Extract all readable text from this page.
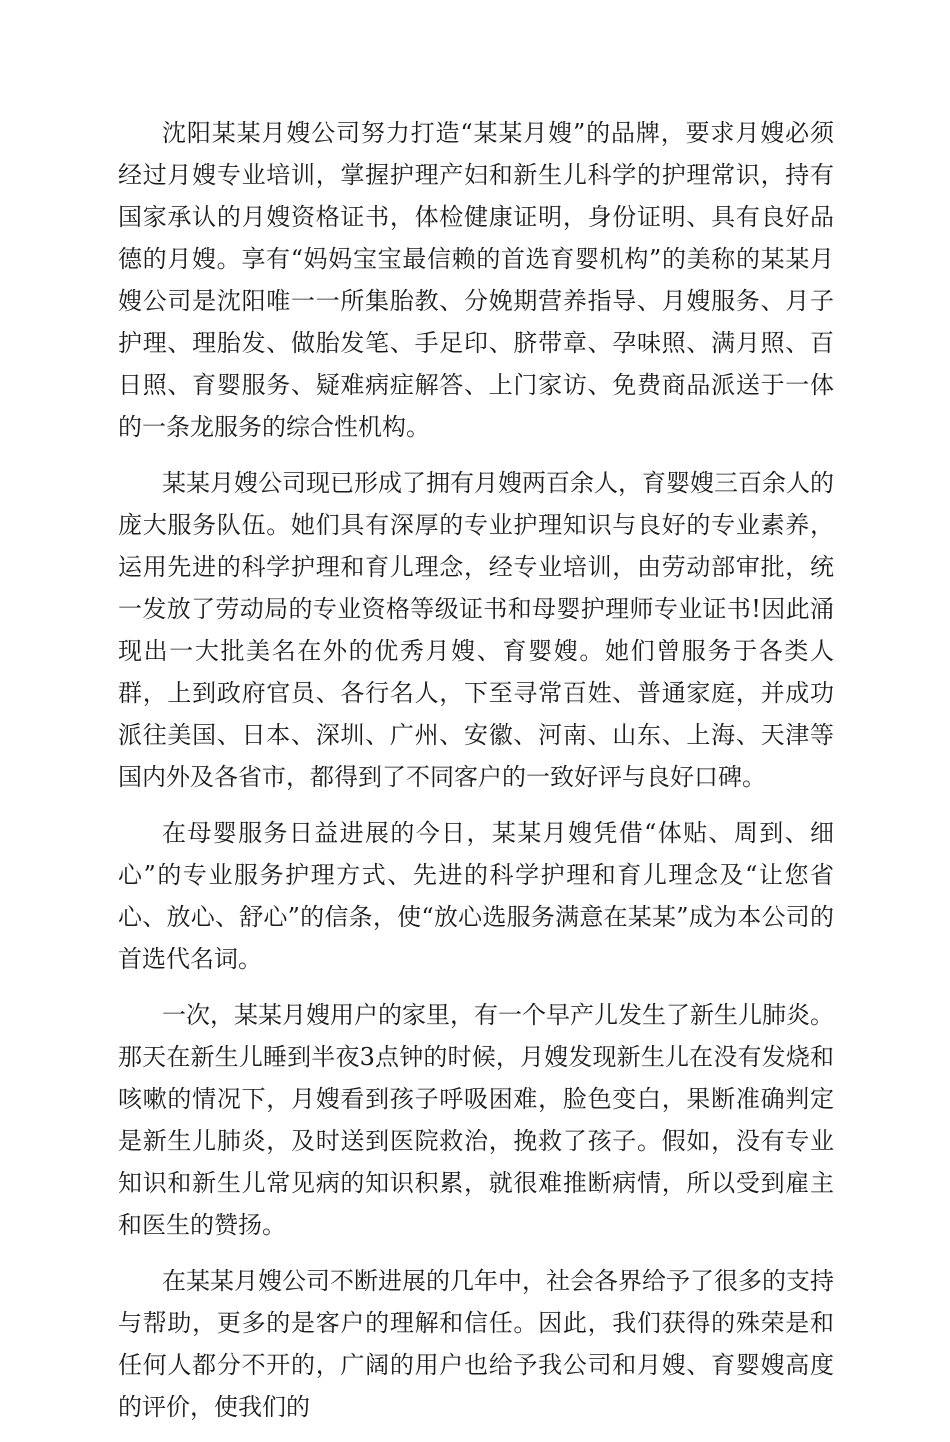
沈阳某某月嫂公司努力打造“某某月嫂”的品牌，要求月嫂必须经过月嫂专业培训，掌握护理产妇和新生儿科学的护理常识，持有国家承认的月嫂资格证书，体检健康证明，身份证明、具有良好品德的月嫂。享有“妈妈宝宝最信赖的首选育婴机构”的美称的某某月嫂公司是沈阳唯一一所集胎教、分娩期营养指导、月嫂服务、月子护理、理胎发、做胎发笔、手足印、脐带章、孕味照、满月照、百日照、育婴服务、疑难病症解答、上门家访、免费商品派送于一体的一条龙服务的综合性机构。

某某月嫂公司现已形成了拥有月嫂两百余人，育婴嫂三百余人的庞大服务队伍。她们具有深厚的专业护理知识与良好的专业素养，运用先进的科学护理和育儿理念，经专业培训，由劳动部审批，统一发放了劳动局的专业资格等级证书和母婴护理师专业证书!因此涌现出一大批美名在外的优秀月嫂、育婴嫂。她们曾服务于各类人群，上到政府官员、各行名人，下至寻常百姓、普通家庭，并成功派往美国、日本、深圳、广州、安徽、河南、山东、上海、天津等国内外及各省市，都得到了不同客户的一致好评与良好口碑。

在母婴服务日益进展的今日，某某月嫂凭借“体贴、周到、细心”的专业服务护理方式、先进的科学护理和育儿理念及“让您省心、放心、舒心”的信条，使“放心选服务满意在某某”成为本公司的首选代名词。

一次，某某月嫂用户的家里，有一个早产儿发生了新生儿肺炎。那天在新生儿睡到半夜3点钟的时候，月嫂发现新生儿在没有发烧和咳嗽的情况下，月嫂看到孩子呼吸困难，脸色变白，果断准确判定是新生儿肺炎，及时送到医院救治，挽救了孩子。假如，没有专业知识和新生儿常见病的知识积累，就很难推断病情，所以受到雇主和医生的赞扬。

在某某月嫂公司不断进展的几年中，社会各界给予了很多的支持与帮助，更多的是客户的理解和信任。因此，我们获得的殊荣是和任何人都分不开的，广阔的用户也给予我公司和月嫂、育婴嫂高度的评价，使我们的
